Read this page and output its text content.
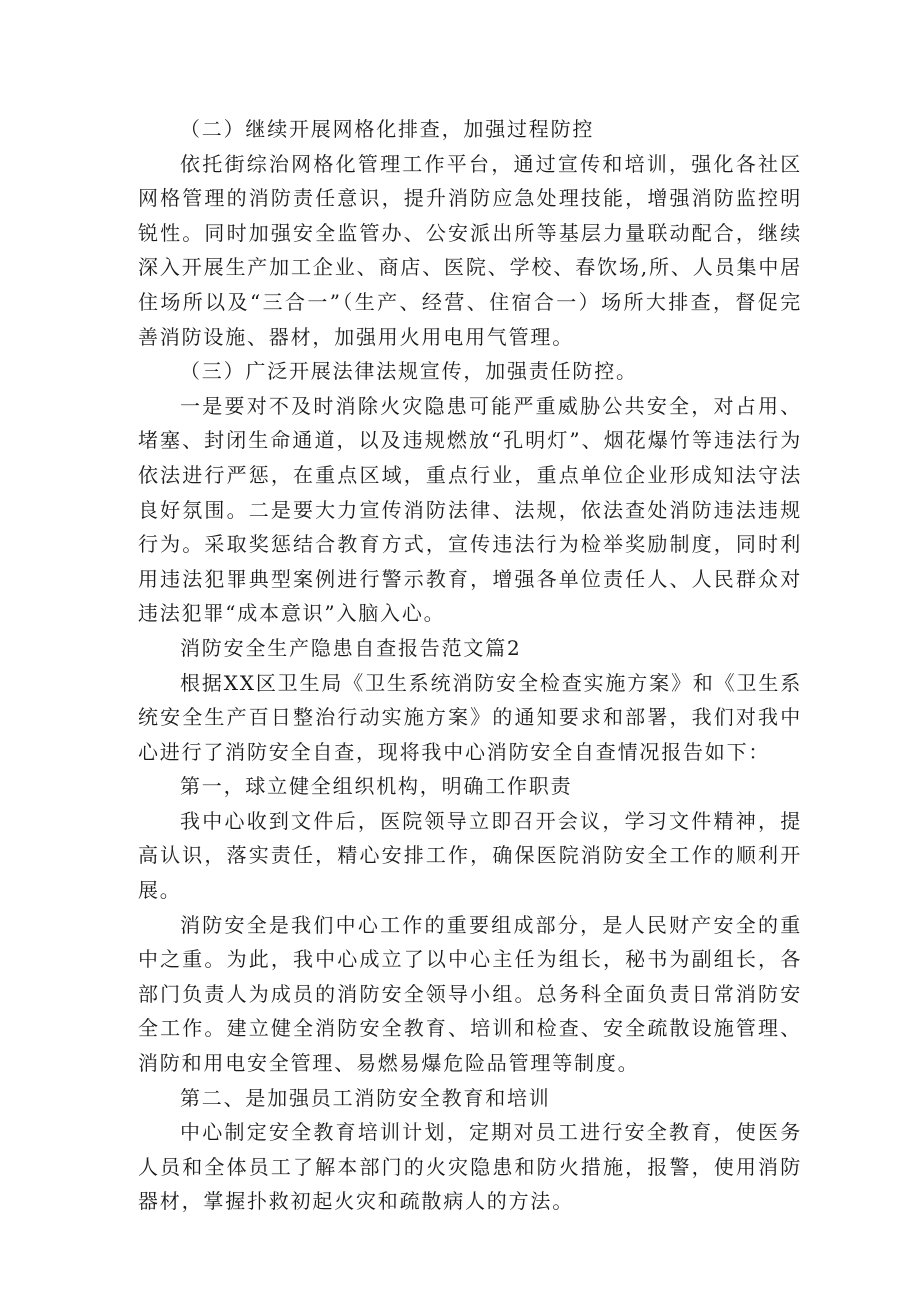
（二）继续开展网格化排查，加强过程防控

依托街综治网格化管理工作平台，通过宣传和培训，强化各社区网格管理的消防责任意识，提升消防应急处理技能，增强消防监控明锐性。同时加强安全监管办、公安派出所等基层力量联动配合，继续深入开展生产加工企业、商店、医院、学校、春饮场,所、人员集中居住场所以及“三合一”（生产、经营、住宿合一）场所大排查，督促完善消防设施、器材，加强用火用电用气管理。

（三）广泛开展法律法规宣传，加强责任防控。

一是要对不及时消除火灾隐患可能严重威胁公共安全，对占用、堵塞、封闭生命通道，以及违规燃放“孔明灯”、烟花爆竹等违法行为依法进行严惩，在重点区域，重点行业，重点单位企业形成知法守法良好氛围。二是要大力宣传消防法律、法规，依法查处消防违法违规行为。采取奖惩结合教育方式，宣传违法行为检举奖励制度，同时利用违法犯罪典型案例进行警示教育，增强各单位责任人、人民群众对违法犯罪“成本意识”入脑入心。

消防安全生产隐患自查报告范文篇2

根据XX区卫生局《卫生系统消防安全检查实施方案》和《卫生系统安全生产百日整治行动实施方案》的通知要求和部署，我们对我中心进行了消防安全自查，现将我中心消防安全自查情况报告如下：

第一，球立健全组织机构，明确工作职责

我中心收到文件后，医院领导立即召开会议，学习文件精神，提高认识，落实责任，精心安排工作，确保医院消防安全工作的顺利开展。

消防安全是我们中心工作的重要组成部分，是人民财产安全的重中之重。为此，我中心成立了以中心主任为组长，秘书为副组长，各部门负责人为成员的消防安全领导小组。总务科全面负责日常消防安全工作。建立健全消防安全教育、培训和检查、安全疏散设施管理、消防和用电安全管理、易燃易爆危险品管理等制度。

第二、是加强员工消防安全教育和培训

中心制定安全教育培训计划，定期对员工进行安全教育，使医务人员和全体员工了解本部门的火灾隐患和防火措施，报警，使用消防器材，掌握扑救初起火灾和疏散病人的方法。
